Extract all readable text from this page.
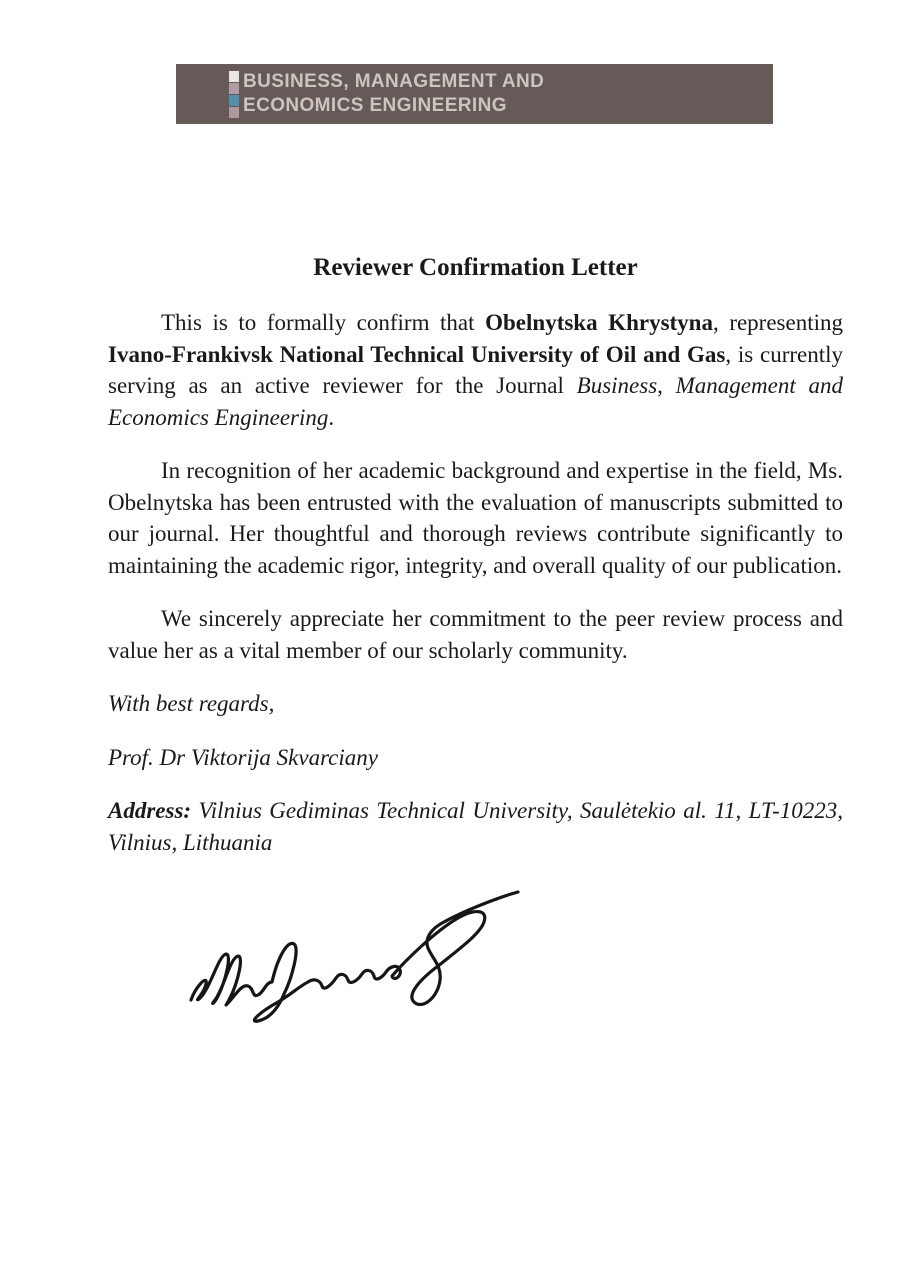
BUSINESS, MANAGEMENT AND
ECONOMICS ENGINEERING
Reviewer Confirmation Letter

This is to formally confirm that Obelnytska Khrystyna, representing Ivano-Frankivsk National Technical University of Oil and Gas, is currently serving as an active reviewer for the Journal Business, Management and Economics Engineering.

In recognition of her academic background and expertise in the field, Ms. Obelnytska has been entrusted with the evaluation of manuscripts submitted to our journal. Her thoughtful and thorough reviews contribute significantly to maintaining the academic rigor, integrity, and overall quality of our publication.

We sincerely appreciate her commitment to the peer review process and value her as a vital member of our scholarly community.

With best regards,

Prof. Dr Viktorija Skvarciany

Address: Vilnius Gediminas Technical University, Saulėtekio al. 11, LT-10223, Vilnius, Lithuania
